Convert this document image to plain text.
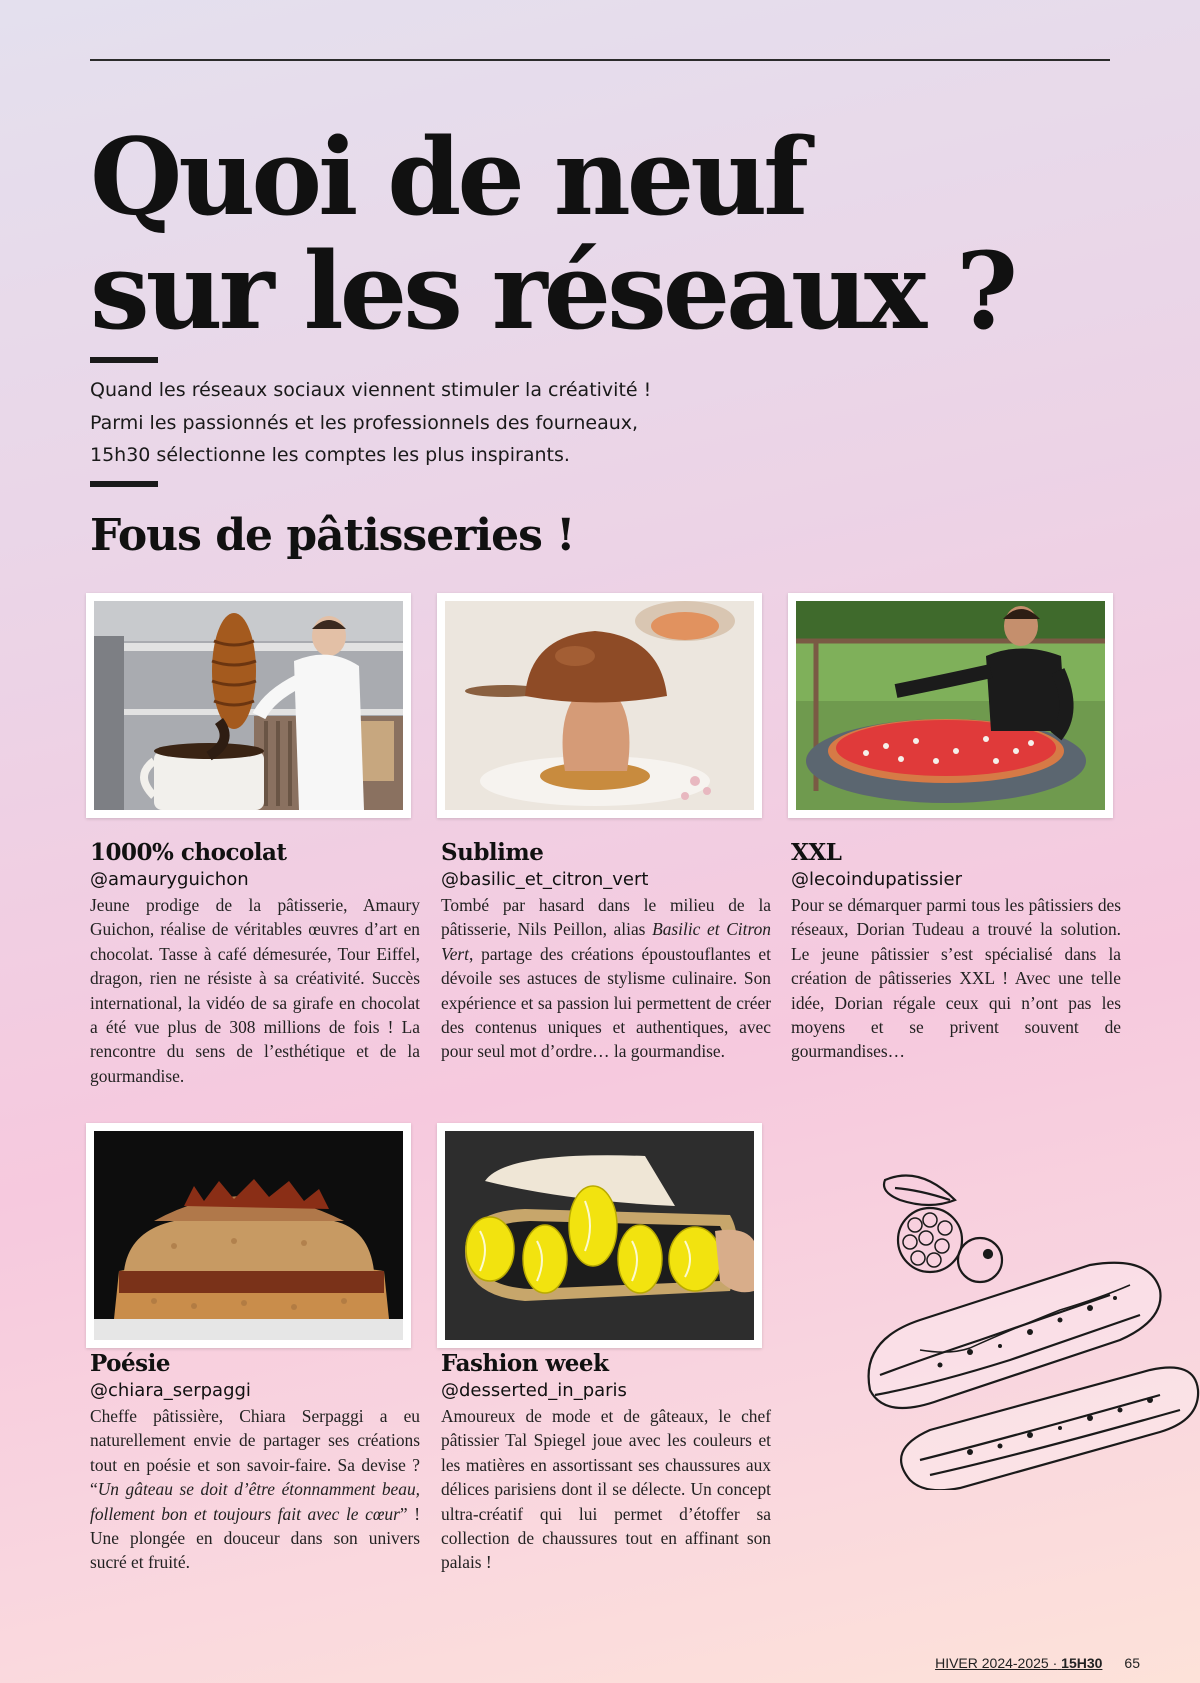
Quoi de neuf
sur les réseaux ?

Quand les réseaux sociaux viennent stimuler la créativité !

Parmi les passionnés et les professionnels des fourneaux,

15h30 sélectionne les comptes les plus inspirants.

Fous de pâtisseries !
1000% chocolat

@amauryguichon

Jeune prodige de la pâtisserie, Amaury Guichon, réalise de véritables œuvres d’art en chocolat. Tasse à café démesurée, Tour Eiffel, dragon, rien ne résiste à sa créativité. Succès international, la vidéo de sa girafe en chocolat a été vue plus de 308 millions de fois ! La rencontre du sens de l’esthétique et de la gourmandise.

Sublime

@basilic_et_citron_vert

Tombé par hasard dans le milieu de la pâtisserie, Nils Peillon, alias Basilic et Citron Vert, partage des créations époustouflantes et dévoile ses astuces de stylisme culinaire. Son expérience et sa passion lui permettent de créer des contenus uniques et authentiques, avec pour seul mot d’ordre… la gourmandise.

XXL

@lecoindupatissier

Pour se démarquer parmi tous les pâtissiers des réseaux, Dorian Tudeau a trouvé la solution. Le jeune pâtissier s’est spécialisé dans la création de pâtisseries XXL ! Avec une telle idée, Dorian régale ceux qui n’ont pas les moyens et se privent souvent de gourmandises…

Poésie

@chiara_serpaggi

Cheffe pâtissière, Chiara Serpaggi a eu naturellement envie de partager ses créations tout en poésie et son savoir-faire. Sa devise ? “Un gâteau se doit d’être étonnamment beau, follement bon et toujours fait avec le cœur” ! Une plongée en douceur dans son univers sucré et fruité.

Fashion week

@desserted_in_paris

Amoureux de mode et de gâteaux, le chef pâtissier Tal Spiegel joue avec les couleurs et les matières en assortissant ses chaussures aux délices parisiens dont il se délecte. Un concept ultra-créatif qui lui permet d’étoffer sa collection de chaussures tout en affinant son palais !

HIVER 2024-2025 · 15H30 65
